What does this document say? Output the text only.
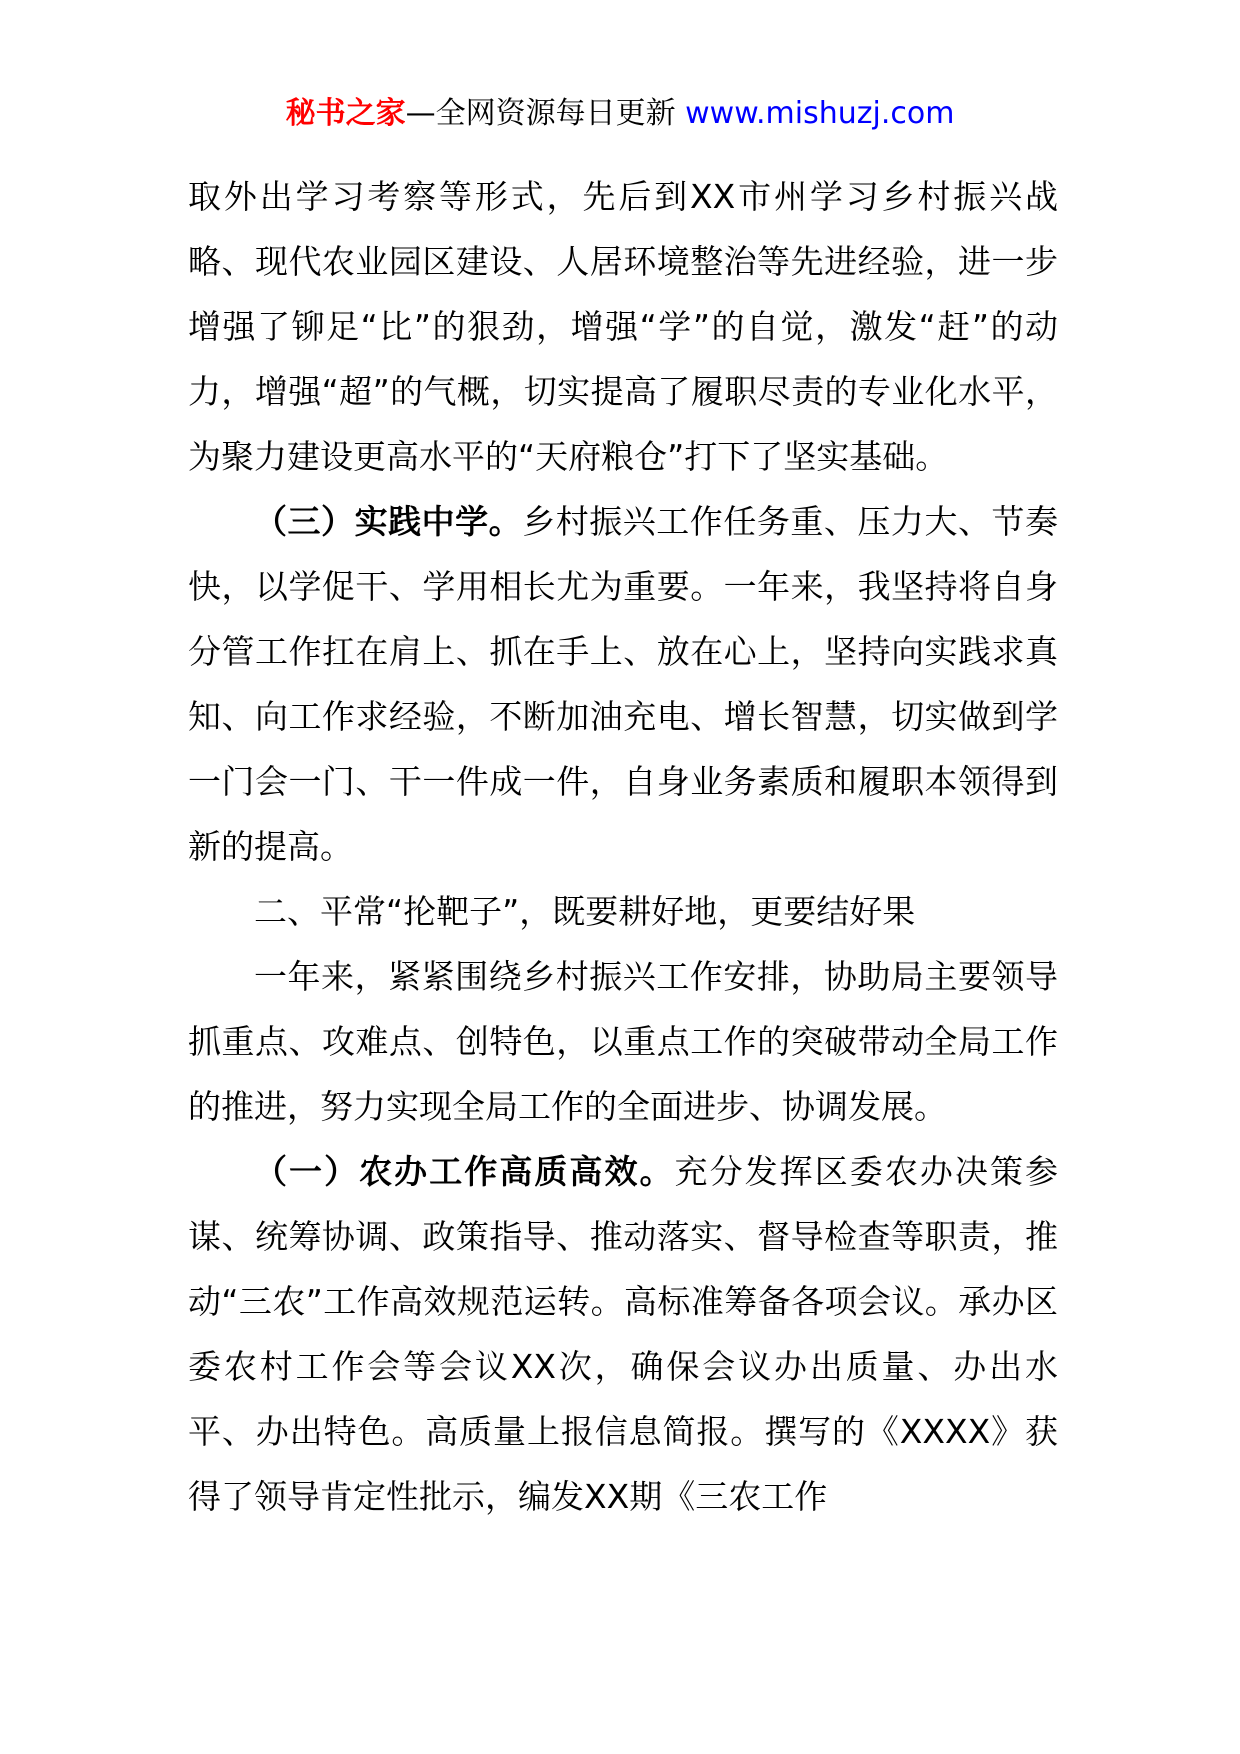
秘书之家—全网资源每日更新 www.mishuzj.com

取外出学习考察等形式，先后到XX市州学习乡村振兴战略、现代农业园区建设、人居环境整治等先进经验，进一步增强了铆足“比”的狠劲，增强“学”的自觉，激发“赶”的动力，增强“超”的气概，切实提高了履职尽责的专业化水平，为聚力建设更高水平的“天府粮仓”打下了坚实基础。

（三）实践中学。乡村振兴工作任务重、压力大、节奏快，以学促干、学用相长尤为重要。一年来，我坚持将自身分管工作扛在肩上、抓在手上、放在心上，坚持向实践求真知、向工作求经验，不断加油充电、增长智慧，切实做到学一门会一门、干一件成一件，自身业务素质和履职本领得到新的提高。

二、平常“抡靶子”，既要耕好地，更要结好果

一年来，紧紧围绕乡村振兴工作安排，协助局主要领导抓重点、攻难点、创特色，以重点工作的突破带动全局工作的推进，努力实现全局工作的全面进步、协调发展。

（一）农办工作高质高效。充分发挥区委农办决策参谋、统筹协调、政策指导、推动落实、督导检查等职责，推动“三农”工作高效规范运转。高标准筹备各项会议。承办区委农村工作会等会议XX次，确保会议办出质量、办出水平、办出特色。高质量上报信息简报。撰写的《XXXX》获得了领导肯定性批示，编发XX期《三农工作
